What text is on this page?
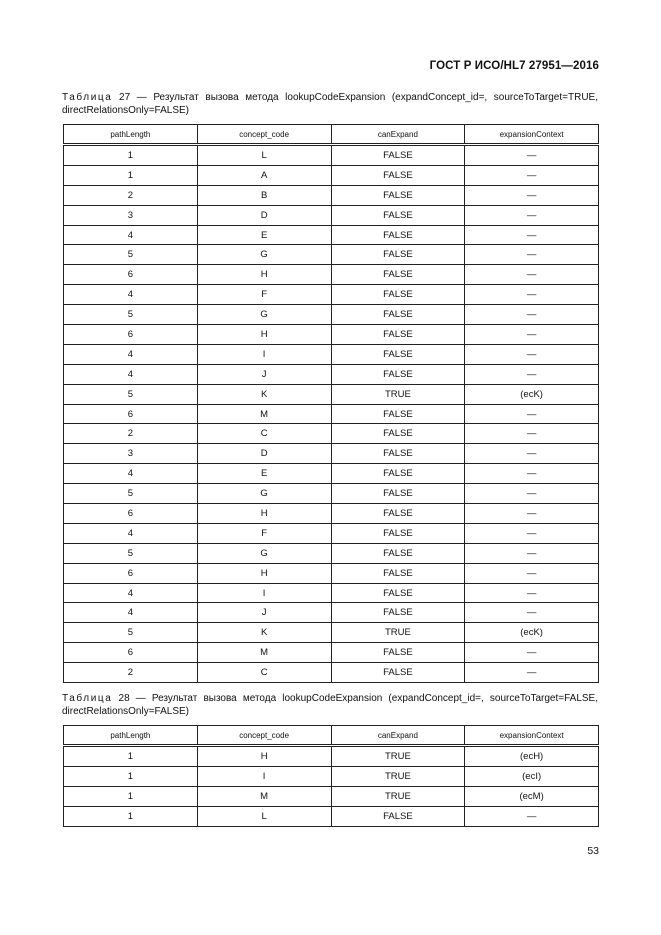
ГОСТ Р ИСО/HL7 27951—2016
Таблица 27 — Результат вызова метода lookupCodeExpansion (expandConcept_id=, sourceToTarget=TRUE,
directRelationsOnly=FALSE)
pathLength	concept_code	canExpand	expansionContext
1	L	FALSE	—
1	A	FALSE	—
2	B	FALSE	—
3	D	FALSE	—
4	E	FALSE	—
5	G	FALSE	—
6	H	FALSE	—
4	F	FALSE	—
5	G	FALSE	—
6	H	FALSE	—
4	I	FALSE	—
4	J	FALSE	—
5	K	TRUE	(ecK)
6	M	FALSE	—
2	C	FALSE	—
3	D	FALSE	—
4	E	FALSE	—
5	G	FALSE	—
6	H	FALSE	—
4	F	FALSE	—
5	G	FALSE	—
6	H	FALSE	—
4	I	FALSE	—
4	J	FALSE	—
5	K	TRUE	(ecK)
6	M	FALSE	—
2	C	FALSE	—
Таблица 28 — Результат вызова метода lookupCodeExpansion (expandConcept_id=, sourceToTarget=FALSE,
directRelationsOnly=FALSE)
pathLength	concept_code	canExpand	expansionContext
1	H	TRUE	(ecH)
1	I	TRUE	(ecI)
1	M	TRUE	(ecM)
1	L	FALSE	—
53
